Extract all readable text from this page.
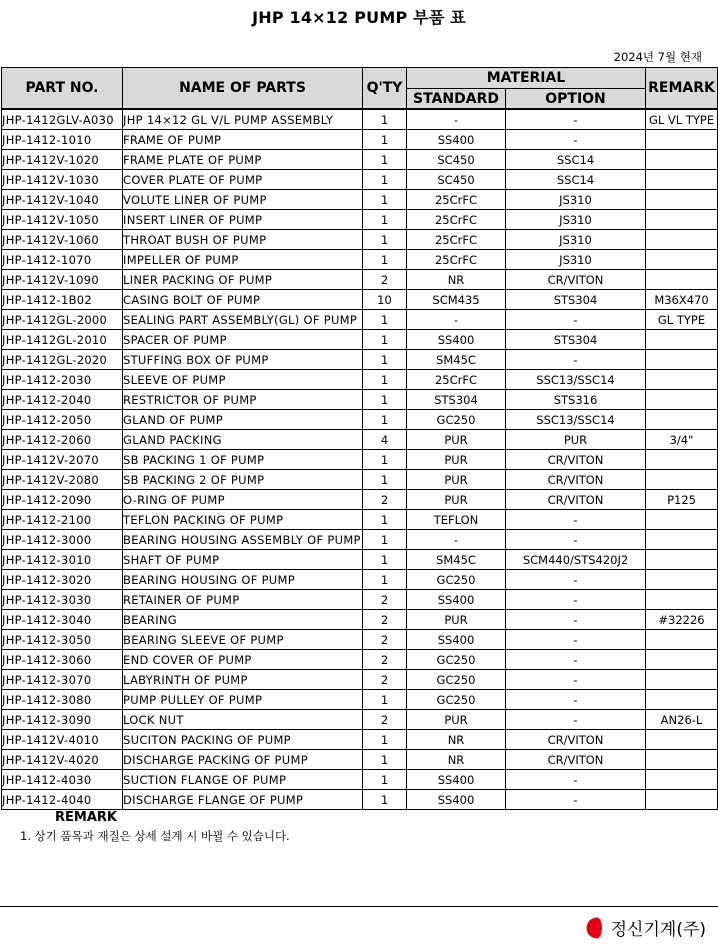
JHP 14×12 PUMP 부품 표
2024년 7월 현재
PART NO.	NAME OF PARTS	Q'TY	MATERIAL		REMARK
			STANDARD	OPTION	
JHP-1412GLV-A030	JHP 14×12 GL V/L PUMP ASSEMBLY	1	-	-	GL VL TYPE
JHP-1412-1010	FRAME OF PUMP	1	SS400	-	
JHP-1412V-1020	FRAME PLATE OF PUMP	1	SC450	SSC14	
JHP-1412V-1030	COVER PLATE OF PUMP	1	SC450	SSC14	
JHP-1412V-1040	VOLUTE LINER OF PUMP	1	25CrFC	JS310	
JHP-1412V-1050	INSERT LINER OF PUMP	1	25CrFC	JS310	
JHP-1412V-1060	THROAT BUSH OF PUMP	1	25CrFC	JS310	
JHP-1412-1070	IMPELLER OF PUMP	1	25CrFC	JS310	
JHP-1412V-1090	LINER PACKING OF PUMP	2	NR	CR/VITON	
JHP-1412-1B02	CASING BOLT OF PUMP	10	SCM435	STS304	M36X470
JHP-1412GL-2000	SEALING PART ASSEMBLY(GL) OF PUMP	1	-	-	GL TYPE
JHP-1412GL-2010	SPACER OF PUMP	1	SS400	STS304	
JHP-1412GL-2020	STUFFING BOX OF PUMP	1	SM45C	-	
JHP-1412-2030	SLEEVE OF PUMP	1	25CrFC	SSC13/SSC14	
JHP-1412-2040	RESTRICTOR OF PUMP	1	STS304	STS316	
JHP-1412-2050	GLAND OF PUMP	1	GC250	SSC13/SSC14	
JHP-1412-2060	GLAND PACKING	4	PUR	PUR	3/4"
JHP-1412V-2070	SB PACKING 1 OF PUMP	1	PUR	CR/VITON	
JHP-1412V-2080	SB PACKING 2 OF PUMP	1	PUR	CR/VITON	
JHP-1412-2090	O-RING OF PUMP	2	PUR	CR/VITON	P125
JHP-1412-2100	TEFLON PACKING OF PUMP	1	TEFLON	-	
JHP-1412-3000	BEARING HOUSING ASSEMBLY OF PUMP	1	-	-	
JHP-1412-3010	SHAFT OF PUMP	1	SM45C	SCM440/STS420J2	
JHP-1412-3020	BEARING HOUSING OF PUMP	1	GC250	-	
JHP-1412-3030	RETAINER OF PUMP	2	SS400	-	
JHP-1412-3040	BEARING	2	PUR	-	#32226
JHP-1412-3050	BEARING SLEEVE OF PUMP	2	SS400	-	
JHP-1412-3060	END COVER OF PUMP	2	GC250	-	
JHP-1412-3070	LABYRINTH OF PUMP	2	GC250	-	
JHP-1412-3080	PUMP PULLEY OF PUMP	1	GC250	-	
JHP-1412-3090	LOCK NUT	2	PUR	-	AN26-L
JHP-1412V-4010	SUCITON PACKING OF PUMP	1	NR	CR/VITON	
JHP-1412V-4020	DISCHARGE PACKING OF PUMP	1	NR	CR/VITON	
JHP-1412-4030	SUCTION FLANGE OF PUMP	1	SS400	-	
JHP-1412-4040	DISCHARGE FLANGE OF PUMP	1	SS400	-	
REMARK
1. 상기 품목과 재질은 상세 설계 시 바뀔 수 있습니다.
정신기계(주)
